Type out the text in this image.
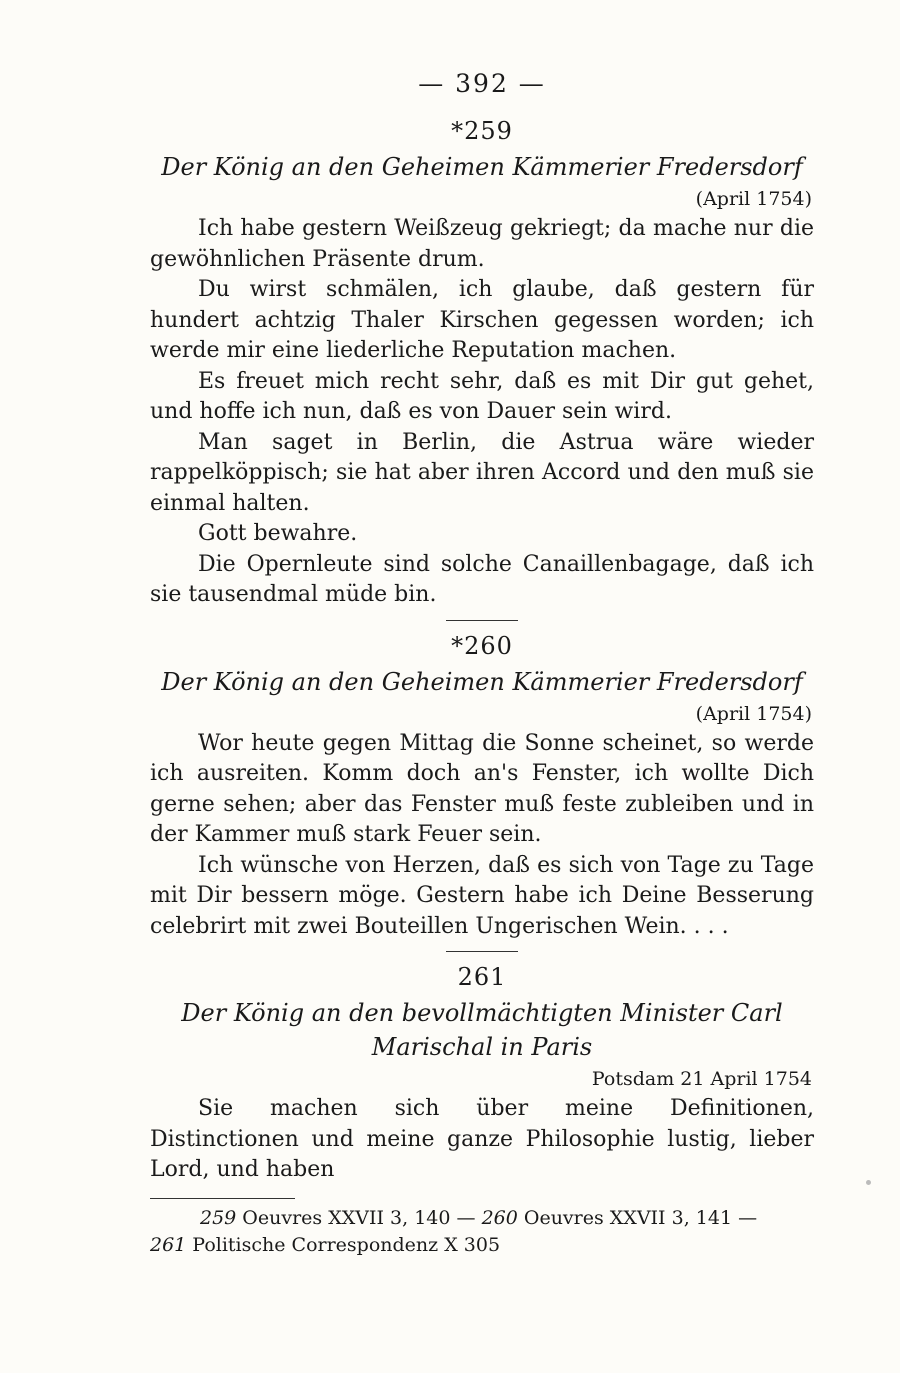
— 392 —
*259
Der König an den Geheimen Kämmerier Fredersdorf
(April 1754)

Ich habe gestern Weißzeug gekriegt; da mache nur die gewöhnlichen Präsente drum.

Du wirst schmälen, ich glaube, daß gestern für hundert achtzig Thaler Kirschen gegessen worden; ich werde mir eine liederliche Reputation machen.

Es freuet mich recht sehr, daß es mit Dir gut gehet, und hoffe ich nun, daß es von Dauer sein wird.

Man saget in Berlin, die Astrua wäre wieder rappelköppisch; sie hat aber ihren Accord und den muß sie einmal halten.

Gott bewahre.

Die Opernleute sind solche Canaillenbagage, daß ich sie tausendmal müde bin.

*260
Der König an den Geheimen Kämmerier Fredersdorf
(April 1754)

Wor heute gegen Mittag die Sonne scheinet, so werde ich ausreiten. Komm doch an's Fenster, ich wollte Dich gerne sehen; aber das Fenster muß feste zubleiben und in der Kammer muß stark Feuer sein.

Ich wünsche von Herzen, daß es sich von Tage zu Tage mit Dir bessern möge. Gestern habe ich Deine Besserung celebrirt mit zwei Bouteillen Ungerischen Wein. . . .

261
Der König an den bevollmächtigten Minister Carl
Marischal in Paris
Potsdam 21 April 1754

Sie machen sich über meine Definitionen, Distinctionen und meine ganze Philosophie lustig, lieber Lord, und haben

259 Oeuvres XXVII 3, 140 — 260 Oeuvres XXVII 3, 141 —
261 Politische Correspondenz X 305
